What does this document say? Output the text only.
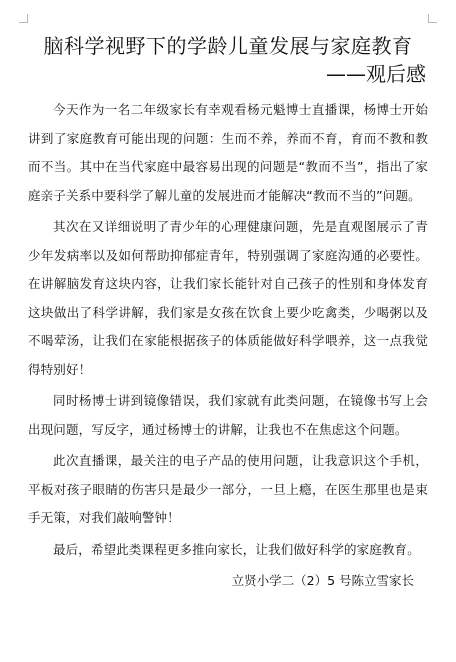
脑科学视野下的学龄儿童发展与家庭教育
——观后感

今天作为一名二年级家长有幸观看杨元魁博士直播课，杨博士开始讲到了家庭教育可能出现的问题：生而不养，养而不育，育而不教和教而不当。其中在当代家庭中最容易出现的问题是“教而不当”，指出了家庭亲子关系中要科学了解儿童的发展进而才能解决“教而不当的”问题。

其次在又详细说明了青少年的心理健康问题，先是直观图展示了青少年发病率以及如何帮助抑郁症青年，特别强调了家庭沟通的必要性。在讲解脑发育这块内容，让我们家长能针对自己孩子的性别和身体发育这块做出了科学讲解，我们家是女孩在饮食上要少吃禽类，少喝粥以及不喝荤汤，让我们在家能根据孩子的体质能做好科学喂养，这一点我觉得特别好！

同时杨博士讲到镜像错误，我们家就有此类问题，在镜像书写上会出现问题，写反字，通过杨博士的讲解，让我也不在焦虑这个问题。

此次直播课，最关注的电子产品的使用问题，让我意识这个手机，平板对孩子眼睛的伤害只是最少一部分，一旦上瘾，在医生那里也是束手无策，对我们敲响警钟！

最后，希望此类课程更多推向家长，让我们做好科学的家庭教育。

立贤小学二（2）5 号陈立雪家长
